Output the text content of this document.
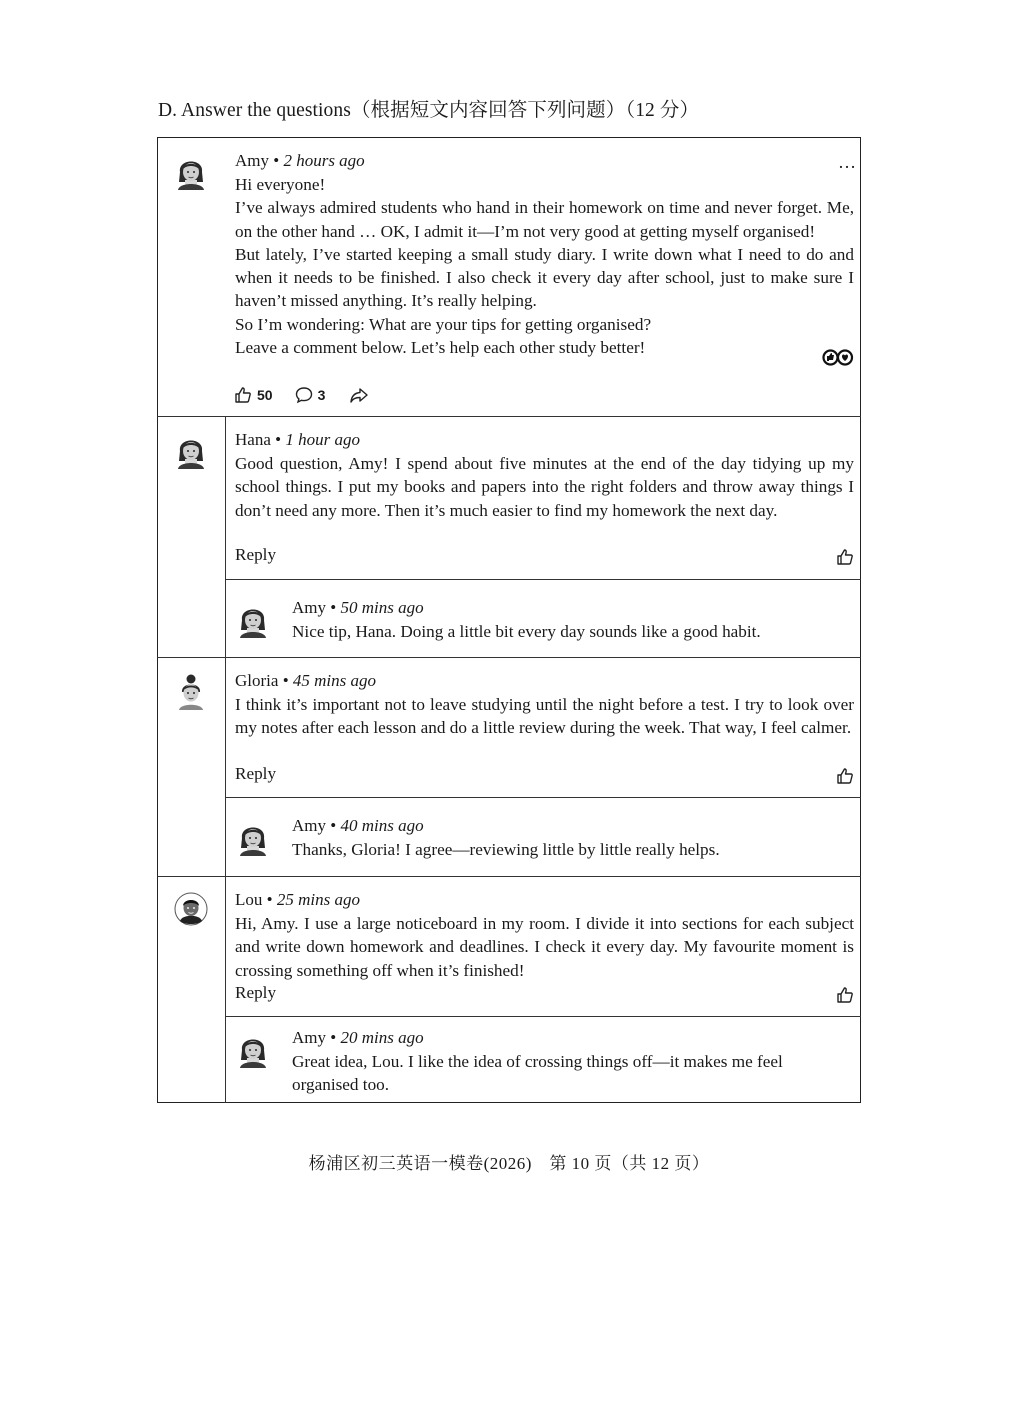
D. Answer the questions（根据短文内容回答下列问题）（12 分）
Amy • 2 hours ago	…

Hi everyone!

I’ve always admired students who hand in their homework on time and never forget. Me, on the other hand … OK, I admit it—I’m not very good at getting myself organised!

But lately, I’ve started keeping a small study diary. I write down what I need to do and when it needs to be finished. I also check it every day after school, just to make sure I haven’t missed anything. It’s really helping.

So I’m wondering: What are your tips for getting organised?

Leave a comment below. Let’s help each other study better!

50	3
Hana • 1 hour ago
Good question, Amy! I spend about five minutes at the end of the day tidying up my school things. I put my books and papers into the right folders and throw away things I don’t need any more. Then it’s much easier to find my homework the next day.
Reply
Amy • 50 mins ago
Nice tip, Hana. Doing a little bit every day sounds like a good habit.
Gloria • 45 mins ago
I think it’s important not to leave studying until the night before a test. I try to look over my notes after each lesson and do a little review during the week. That way, I feel calmer.
Reply
Amy • 40 mins ago
Thanks, Gloria! I agree—reviewing little by little really helps.
Lou • 25 mins ago
Hi, Amy. I use a large noticeboard in my room. I divide it into sections for each subject and write down homework and deadlines. I check it every day. My favourite moment is crossing something off when it’s finished!
Reply
Amy • 20 mins ago
Great idea, Lou. I like the idea of crossing things off—it makes me feel organised too.
杨浦区初三英语一模卷(2026)　第 10 页（共 12 页）
